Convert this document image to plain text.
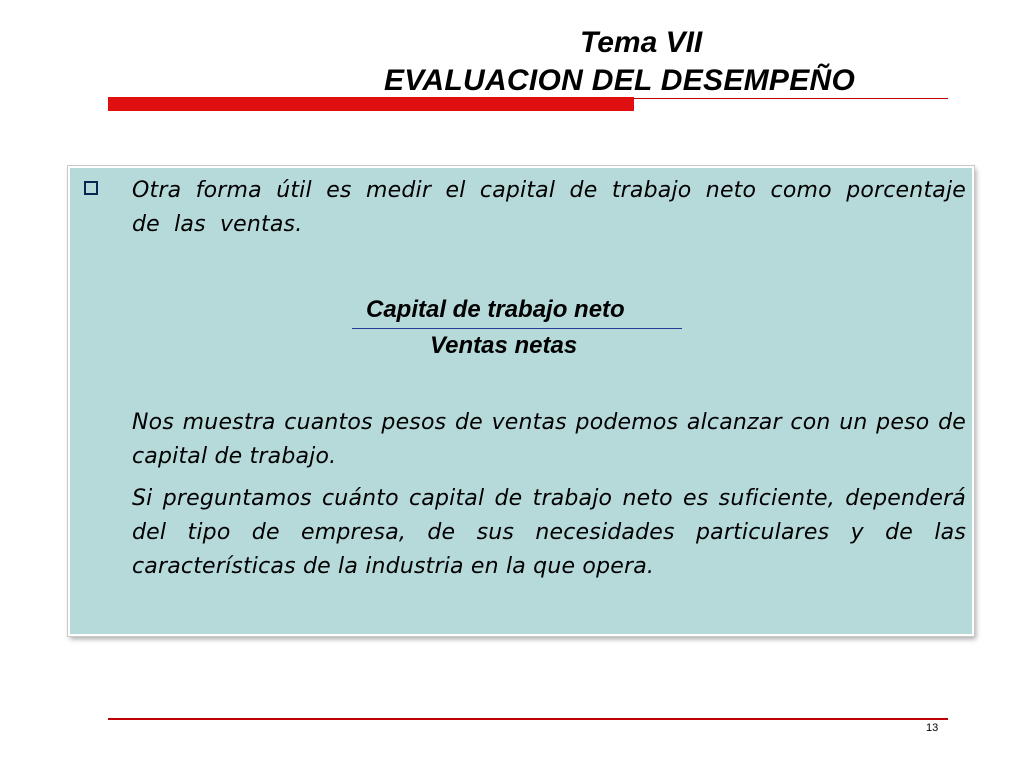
Tema VII
EVALUACION DEL DESEMPEÑO

Otra forma útil es medir el capital de trabajo neto como porcentaje de las ventas.

Capital de trabajo neto
Ventas netas

Nos muestra cuantos pesos de ventas podemos alcanzar con un peso de capital de trabajo.

Si preguntamos cuánto capital de trabajo neto es suficiente, dependerá del tipo de empresa, de sus necesidades particulares y de las características de la industria en la que opera.

13
